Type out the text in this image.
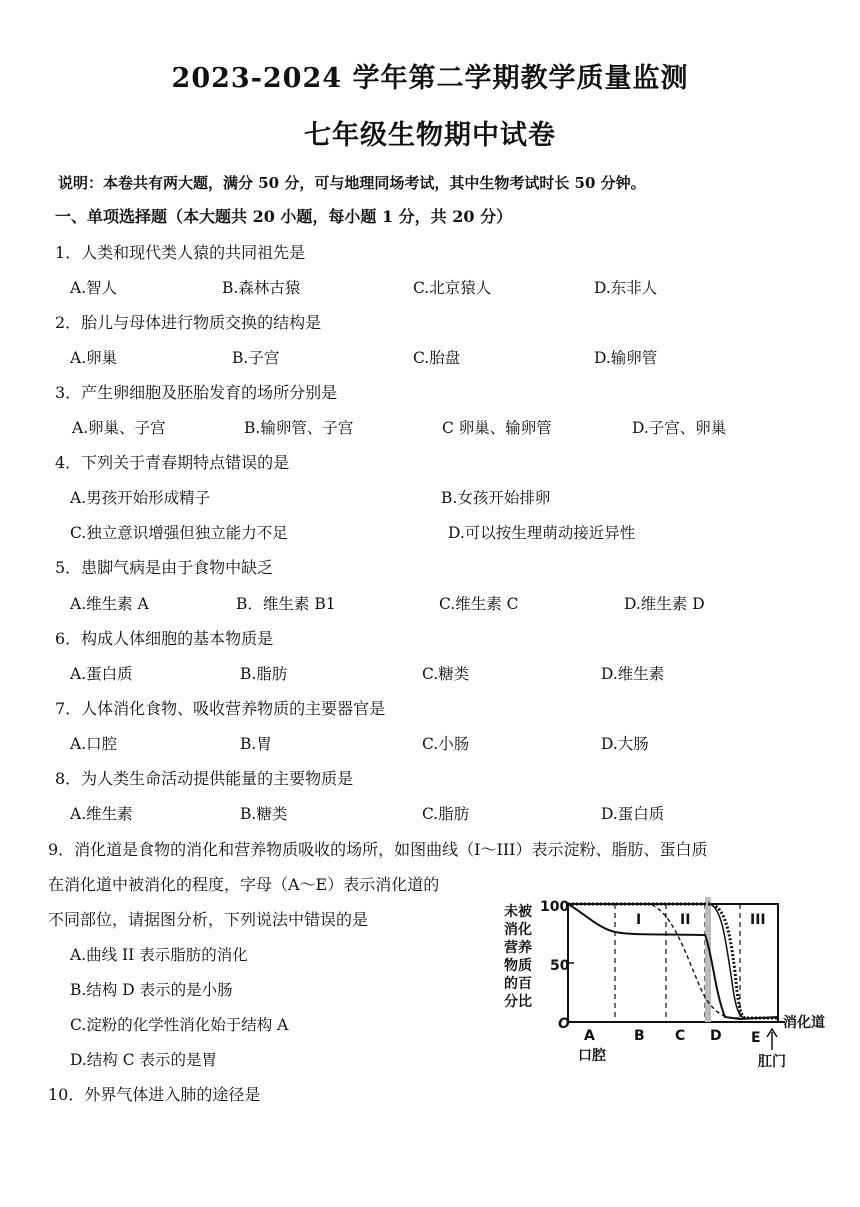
2023-2024 学年第二学期教学质量监测
七年级生物期中试卷
说明：本卷共有两大题，满分 50 分，可与地理同场考试，其中生物考试时长 50 分钟。
一、单项选择题（本大题共 20 小题，每小题 1 分，共 20 分）
1．人类和现代类人猿的共同祖先是
A.智人	B.森林古猿	C.北京猿人	D.东非人
2．胎儿与母体进行物质交换的结构是
A.卵巢	B.子宫	C.胎盘	D.输卵管
3．产生卵细胞及胚胎发育的场所分别是
A.卵巢、子宫	B.输卵管、子宫	C 卵巢、输卵管	D.子宫、卵巢
4．下列关于青春期特点错误的是
A.男孩开始形成精子	B.女孩开始排卵
C.独立意识增强但独立能力不足	D.可以按生理萌动接近异性
5．患脚气病是由于食物中缺乏
A.维生素 A	B．维生素 B1	C.维生素 C	D.维生素 D
6．构成人体细胞的基本物质是
A.蛋白质	B.脂肪	C.糖类	D.维生素
7．人体消化食物、吸收营养物质的主要器官是
A.口腔	B.胃	C.小肠	D.大肠
8．为人类生命活动提供能量的主要物质是
A.维生素	B.糖类	C.脂肪	D.蛋白质
9．消化道是食物的消化和营养物质吸收的场所，如图曲线（I～III）表示淀粉、脂肪、蛋白质
在消化道中被消化的程度，字母（A～E）表示消化道的
不同部位，请据图分析，下列说法中错误的是
A.曲线 II 表示脂肪的消化
B.结构 D 表示的是小肠
C.淀粉的化学性消化始于结构 A
D.结构 C 表示的是胃
10．外界气体进入肺的途径是
未被
消化
营养
物质
的百
分比
100
50
O
I	II	III
A	B C D E
口腔	肛门
消化道
